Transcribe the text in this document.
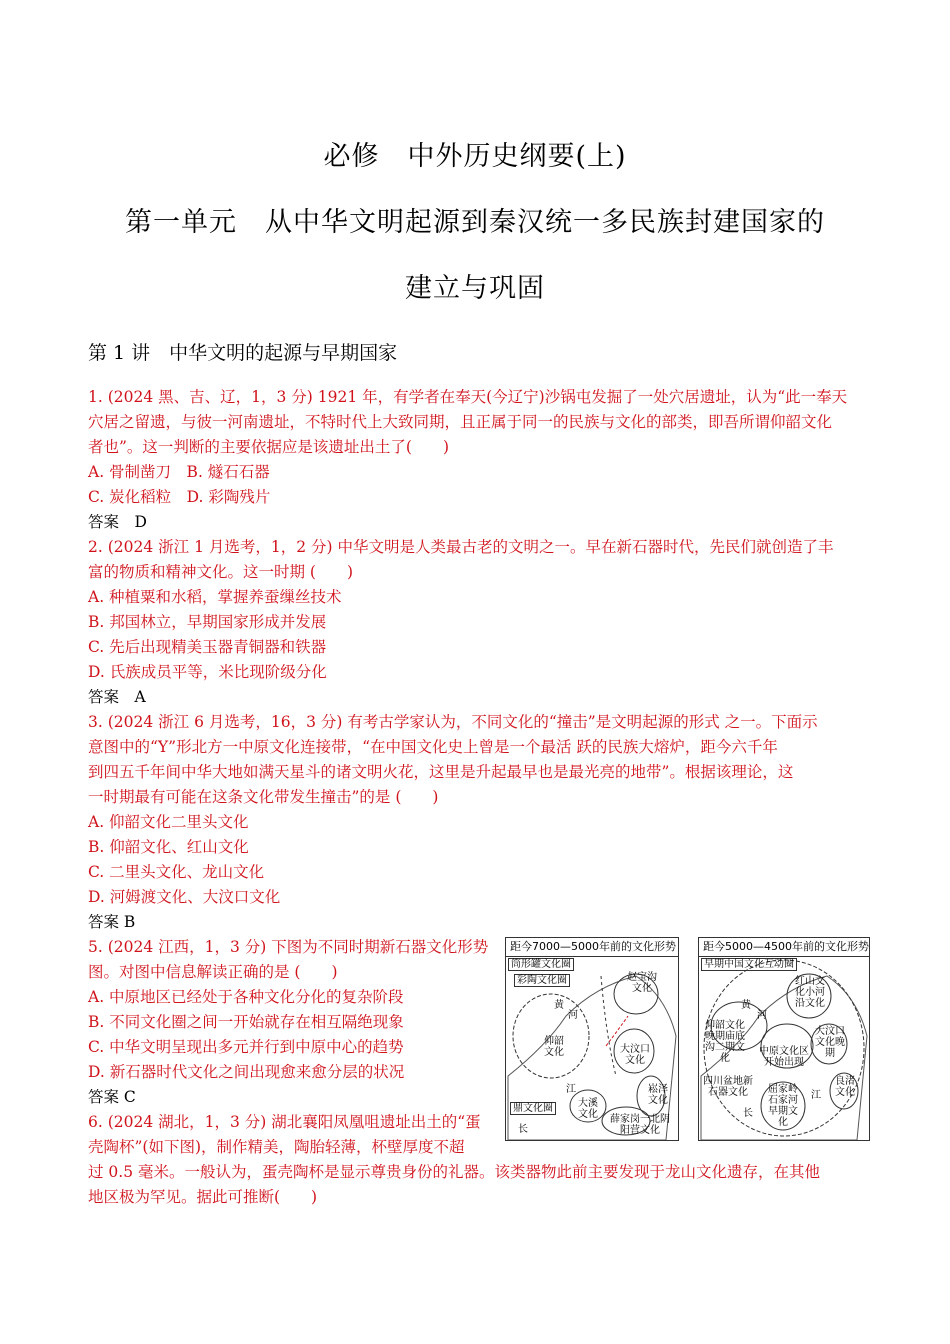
必修　中外历史纲要(上)
第一单元　从中华文明起源到秦汉统一多民族封建国家的
建立与巩固
第 1 讲　中华文明的起源与早期国家

1. (2024 黑、吉、辽，1，3 分) 1921 年，有学者在奉天(今辽宁)沙锅屯发掘了一处穴居遗址，认为“此一奉天

穴居之留遗，与彼一河南遗址，不特时代上大致同期，且正属于同一的民族与文化的部类，即吾所谓仰韶文化

者也”。这一判断的主要依据应是该遗址出土了(　　)

A. 骨制凿刀　B. 燧石石器

C. 炭化稻粒　D. 彩陶残片

答案　D

2. (2024 浙江 1 月选考，1，2 分) 中华文明是人类最古老的文明之一。早在新石器时代，先民们就创造了丰

富的物质和精神文化。这一时期 (　　)

A. 种植粟和水稻，掌握养蚕缫丝技术

B. 邦国林立，早期国家形成并发展

C. 先后出现精美玉器青铜器和铁器

D. 氏族成员平等，米比现阶级分化

答案　A

3. (2024 浙江 6 月选考，16，3 分) 有考古学家认为，不同文化的“撞击”是文明起源的形式 之一。下面示

意图中的“Y”形北方一中原文化连接带，“在中国文化史上曾是一个最活 跃的民族大熔炉，距今六千年

到四五千年间中华大地如满天星斗的诸文明火花，这里是升起最早也是最光亮的地带”。根据该理论，这

一时期最有可能在这条文化带发生撞击”的是 (　　)

A. 仰韶文化二里头文化

B. 仰韶文化、红山文化

C. 二里头文化、龙山文化

D. 河姆渡文化、大汶口文化

答案 B

5. (2024 江西，1，3 分) 下图为不同时期新石器文化形势

图。对图中信息解读正确的是 (　　)

A. 中原地区已经处于各种文化分化的复杂阶段

B. 不同文化圈之间一开始就存在相互隔绝现象

C. 中华文明呈现出多元并行到中原中心的趋势

D. 新石器时代文化之间出现愈来愈分层的状况

答案 C

6. (2024 湖北，1，3 分) 湖北襄阳凤凰咀遗址出土的“蛋

壳陶杯”(如下图)，制作精美，陶胎轻薄，杯壁厚度不超

过 0.5 毫米。一般认为，蛋壳陶杯是显示尊贵身份的礼器。该类器物此前主要发现于龙山文化遗存，在其他

地区极为罕见。据此可推断(　　)

距今7000—5000年前的文化形势
筒形罐文化圈
彩陶文化圈	赵宝沟文化
黄
河
仰韶文化	大汶口文化
江
大溪文化
崧泽文化
鼎文化圈
薛家岗一北阴阳营文化
长
距今5000—4500年前的文化形势
早期中国文化互动圈
红山文化小河沿文化
黄
河
仰韶文化晚期庙底沟二期文化
中原文化区开始出现
大汶口文化晚期
四川盆地新石器文化	屈家岭石家河早期文化
江
良渚文化
长
